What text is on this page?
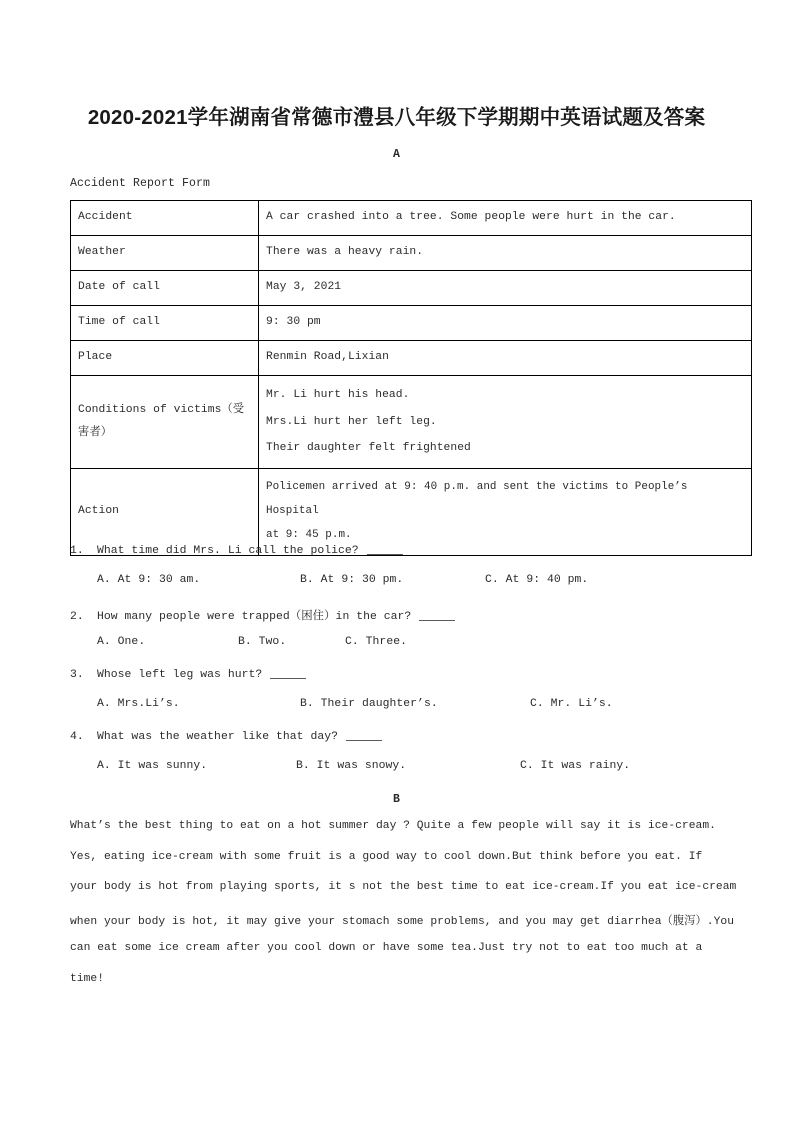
2020-2021学年湖南省常德市澧县八年级下学期期中英语试题及答案
A
Accident Report Form
Accident	A car crashed into a tree. Some people were hurt in the car.
Weather	There was a heavy rain.
Date of call	May 3, 2021
Time of call	9: 30 pm
Place	Renmin Road,Lixian
Conditions of victims（受害者）	Mr. Li hurt his head.
Mrs.Li hurt her left leg.
Their daughter felt frightened

Action	Policemen arrived at 9: 40 p.m. and sent the victims to People’s Hospital
at 9: 45 p.m.
1. What time did Mrs. Li call the police?
A. At 9: 30 am.	B. At 9: 30 pm.	C. At 9: 40 pm.
2. How many people were trapped（困住）in the car?
A. One.	B. Two.	C. Three.
3. Whose left leg was hurt?
A. Mrs.Li’s.	B. Their daughter’s.	C. Mr. Li’s.
4. What was the weather like that day?
A. It was sunny.	B. It was snowy.	C. It was rainy.
B
What’s the best thing to eat on a hot summer day ? Quite a few people will say it is ice-cream.
Yes, eating ice-cream with some fruit is a good way to cool down.But think before you eat. If
your body is hot from playing sports, it s not the best time to eat ice-cream.If you eat ice-cream
when your body is hot, it may give your stomach some problems, and you may get diarrhea（腹泻）.You
can eat some ice cream after you cool down or have some tea.Just try not to eat too much at a
time!
